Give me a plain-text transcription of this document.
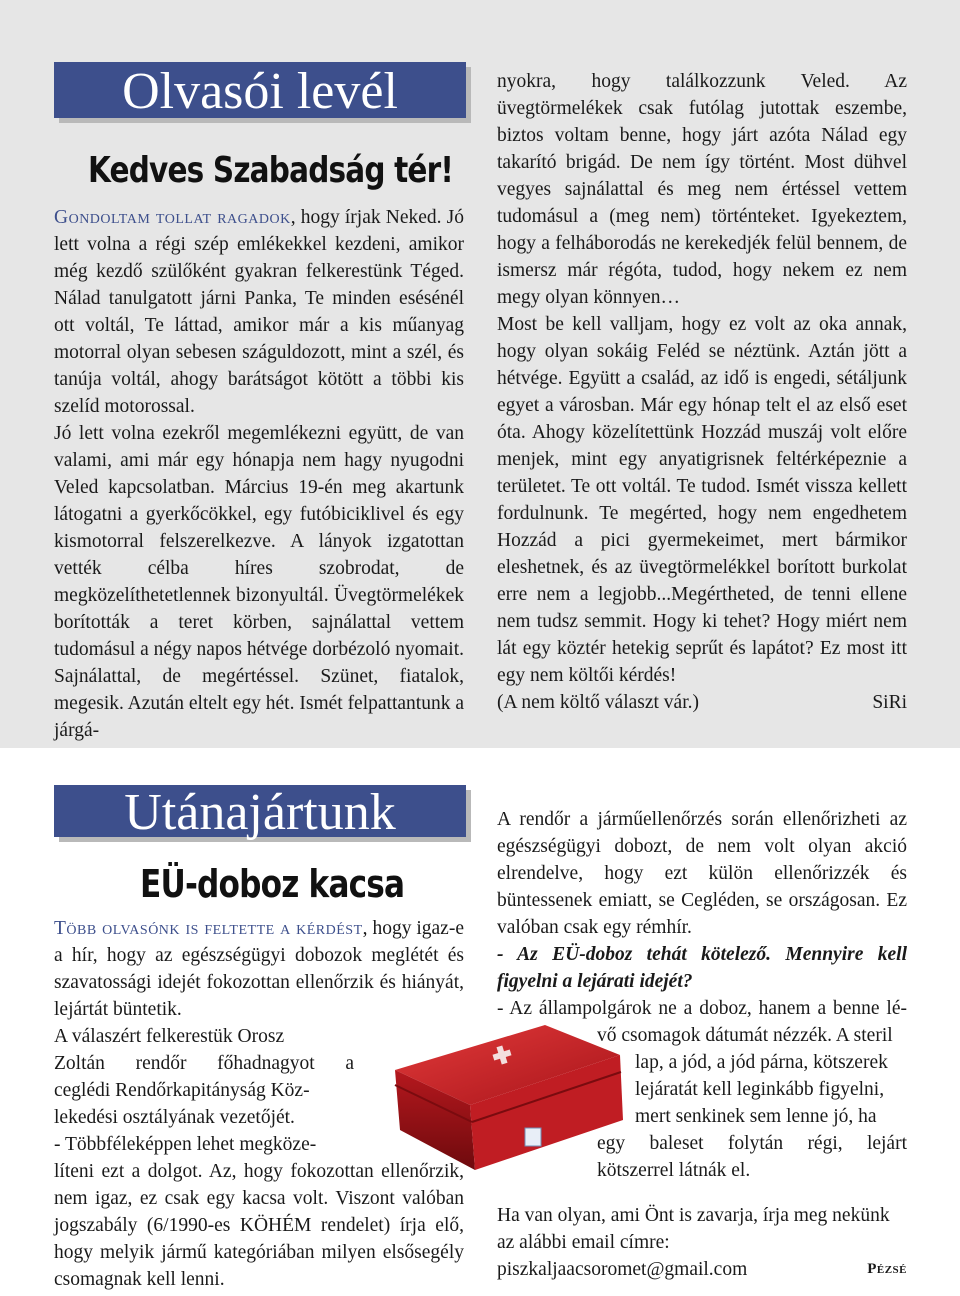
Olvasói levél
Kedves Szabadság tér!

Gondoltam tollat ragadok, hogy írjak Neked. Jó lett volna a régi szép emlékekkel kezdeni, amikor még kezdő szülőként gyakran felkerestünk Téged. Nálad tanulgatott járni Panka, Te minden esésénél ott voltál, Te láttad, amikor már a kis műanyag motorral olyan sebesen száguldozott, mint a szél, és tanúja voltál, ahogy barátságot kötött a többi kis szelíd motorossal.

Jó lett volna ezekről megemlékezni együtt, de van valami, ami már egy hónapja nem hagy nyugodni Veled kapcsolatban. Március 19-én meg akartunk látogatni a gyerkőcökkel, egy futóbiciklivel és egy kismotorral felszerelkezve. A lányok izgatottan vették célba híres szobrodat, de megközelíthetetlennek bizonyultál. Üvegtörmelékek borították a teret körben, sajnálattal vettem tudomásul a négy napos hétvége dorbézoló nyomait. Sajnálattal, de megértéssel. Szünet, fiatalok, megesik. Azután eltelt egy hét. Ismét felpattantunk a járgá-

nyokra, hogy találkozzunk Veled. Az üvegtörmelékek csak futólag jutottak eszembe, biztos voltam benne, hogy járt azóta Nálad egy takarító brigád. De nem így történt. Most dühvel vegyes sajnálattal és meg nem értéssel vettem tudomásul a (meg nem) történteket. Igyekeztem, hogy a felháborodás ne kerekedjék felül bennem, de ismersz már régóta, tudod, hogy nekem ez nem megy olyan könnyen…

Most be kell valljam, hogy ez volt az oka annak, hogy olyan sokáig Feléd se néztünk. Aztán jött a hétvége. Együtt a család, az idő is engedi, sétáljunk egyet a városban. Már egy hónap telt el az első eset óta. Ahogy közelítettünk Hozzád muszáj volt előre menjek, mint egy anyatigrisnek feltérképeznie a területet. Te ott voltál. Te tudod. Ismét vissza kellett fordulnunk. Te megérted, hogy nem engedhetem Hozzád a pici gyermekeimet, mert bármikor eleshetnek, és az üvegtörmelékkel borított burkolat erre nem a legjobb...Megértheted, de tenni ellene nem tudsz semmit. Hogy ki tehet? Hogy miért nem lát egy köztér hetekig seprűt és lapátot? Ez most itt egy nem költői kérdés!

(A nem költő választ vár.)	SiRi

Utánajártunk
EÜ-doboz kacsa

Több olvasónk is feltette a kérdést, hogy igaz-e a hír, hogy az egészségügyi dobozok meglétét és szavatossági idejét fokozottan ellenőrzik és hiányát, lejártát büntetik.

A válaszért felkerestük Orosz
Zoltán rendőr főhadnagyot a
ceglédi Rendőrkapitányság Köz-
lekedési osztályának vezetőjét.
- Többféleképpen lehet megköze-

líteni ezt a dolgot. Az, hogy fokozottan ellenőrzik, nem igaz, ez csak egy kacsa volt. Viszont valóban jogszabály (6/1990-es KÖHÉM rendelet) írja elő, hogy melyik jármű kategóriában milyen elsősegély csomagnak kell lenni.

A rendőr a járműellenőrzés során ellenőrizheti az egészségügyi dobozt, de nem volt olyan akció elrendelve, hogy ezt külön ellenőrizzék és büntessenek emiatt, se Cegléden, se országosan. Ez valóban csak egy rémhír.

- Az EÜ-doboz tehát kötelező. Mennyire kell figyelni a lejárati idejét?

- Az állampolgárok ne a doboz, hanem a benne lé-
vő csomagok dátumát nézzék. A steril
lap, a jód, a jód párna, kötszerek
lejáratát kell leginkább figyelni,
mert senkinek sem lenne jó, ha
egy baleset folytán régi, lejárt kötszerrel látnák el.

Ha van olyan, ami Önt is zavarja, írja meg nekünk az alábbi email címre: piszkaljaacsoromet@gmail.com	Pézsé
